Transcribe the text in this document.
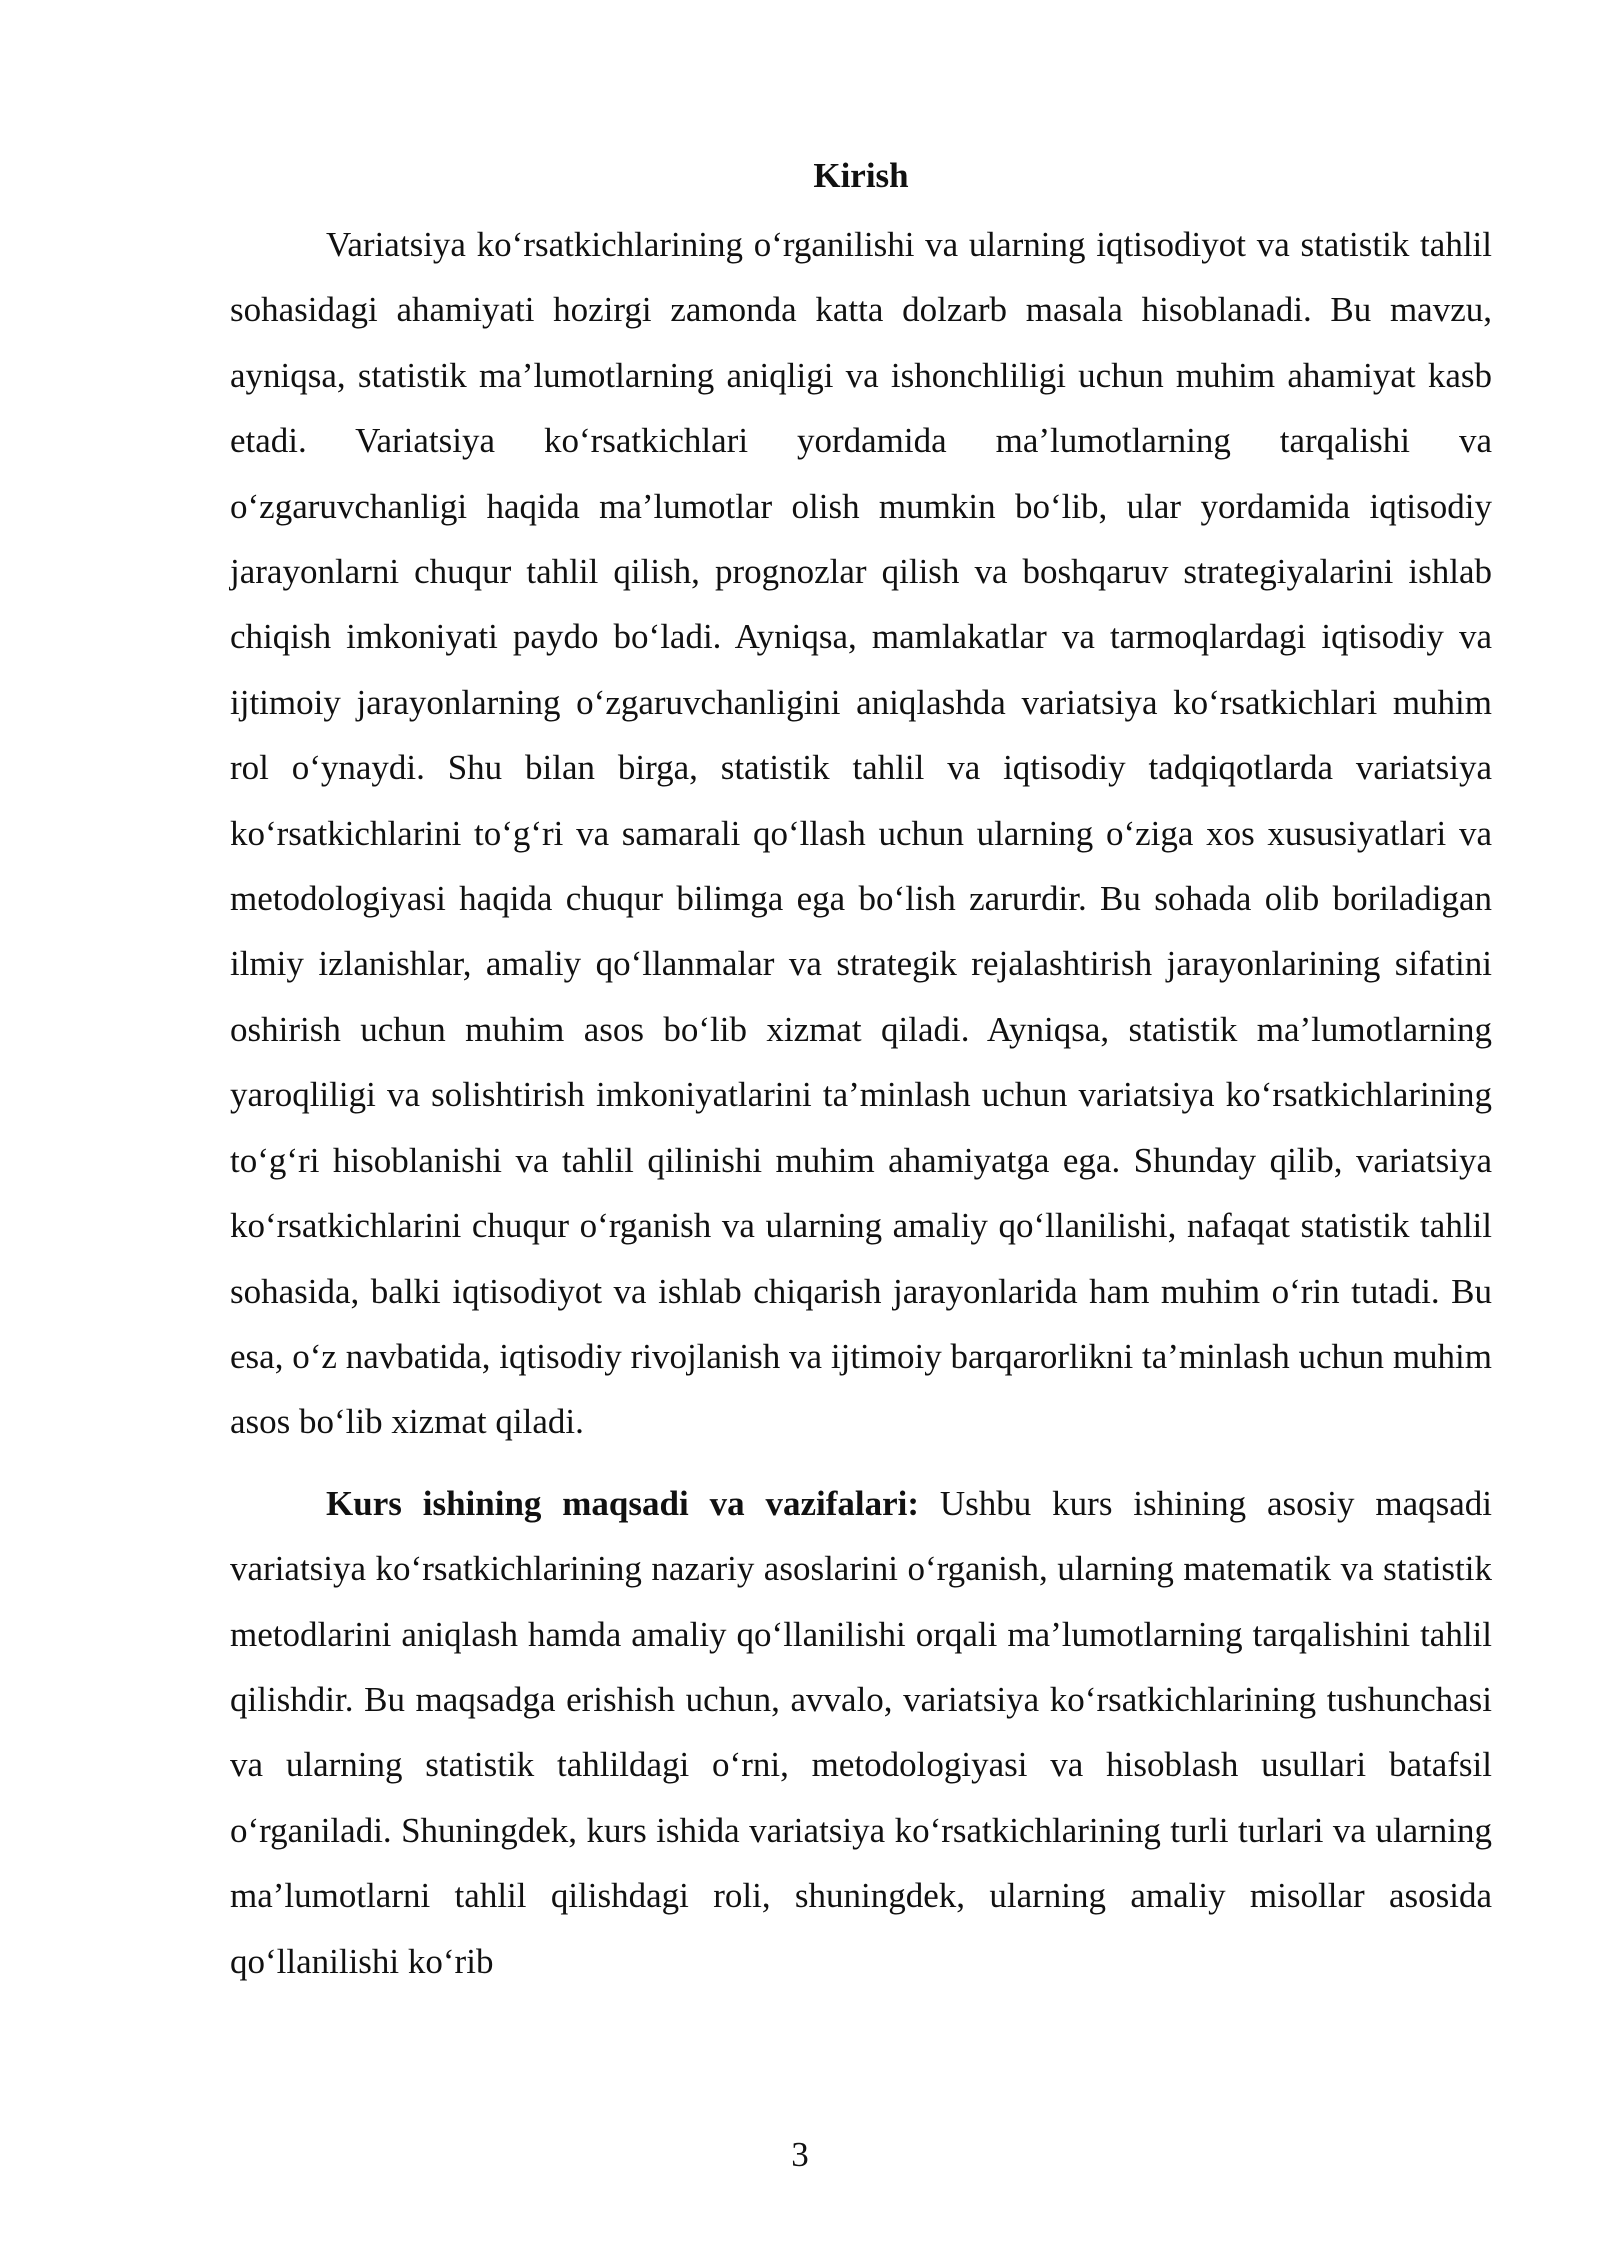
Kirish

Variatsiya ko‘rsatkichlarining o‘rganilishi va ularning iqtisodiyot va statistik tahlil sohasidagi ahamiyati hozirgi zamonda katta dolzarb masala hisoblanadi. Bu mavzu, ayniqsa, statistik ma’lumotlarning aniqligi va ishonchliligi uchun muhim ahamiyat kasb etadi. Variatsiya ko‘rsatkichlari yordamida ma’lumotlarning tarqalishi va o‘zgaruvchanligi haqida ma’lumotlar olish mumkin bo‘lib, ular yordamida iqtisodiy jarayonlarni chuqur tahlil qilish, prognozlar qilish va boshqaruv strategiyalarini ishlab chiqish imkoniyati paydo bo‘ladi. Ayniqsa, mamlakatlar va tarmoqlardagi iqtisodiy va ijtimoiy jarayonlarning o‘zgaruvchanligini aniqlashda variatsiya ko‘rsatkichlari muhim rol o‘ynaydi. Shu bilan birga, statistik tahlil va iqtisodiy tadqiqotlarda variatsiya ko‘rsatkichlarini to‘g‘ri va samarali qo‘llash uchun ularning o‘ziga xos xususiyatlari va metodologiyasi haqida chuqur bilimga ega bo‘lish zarurdir. Bu sohada olib boriladigan ilmiy izlanishlar, amaliy qo‘llanmalar va strategik rejalashtirish jarayonlarining sifatini oshirish uchun muhim asos bo‘lib xizmat qiladi. Ayniqsa, statistik ma’lumotlarning yaroqliligi va solishtirish imkoniyatlarini ta’minlash uchun variatsiya ko‘rsatkichlarining to‘g‘ri hisoblanishi va tahlil qilinishi muhim ahamiyatga ega. Shunday qilib, variatsiya ko‘rsatkichlarini chuqur o‘rganish va ularning amaliy qo‘llanilishi, nafaqat statistik tahlil sohasida, balki iqtisodiyot va ishlab chiqarish jarayonlarida ham muhim o‘rin tutadi. Bu esa, o‘z navbatida, iqtisodiy rivojlanish va ijtimoiy barqarorlikni ta’minlash uchun muhim asos bo‘lib xizmat qiladi.

Kurs ishining maqsadi va vazifalari: Ushbu kurs ishining asosiy maqsadi variatsiya ko‘rsatkichlarining nazariy asoslarini o‘rganish, ularning matematik va statistik metodlarini aniqlash hamda amaliy qo‘llanilishi orqali ma’lumotlarning tarqalishini tahlil qilishdir. Bu maqsadga erishish uchun, avvalo, variatsiya ko‘rsatkichlarining tushunchasi va ularning statistik tahlildagi o‘rni, metodologiyasi va hisoblash usullari batafsil o‘rganiladi. Shuningdek, kurs ishida variatsiya ko‘rsatkichlarining turli turlari va ularning ma’lumotlarni tahlil qilishdagi roli, shuningdek, ularning amaliy misollar asosida qo‘llanilishi ko‘rib

3
